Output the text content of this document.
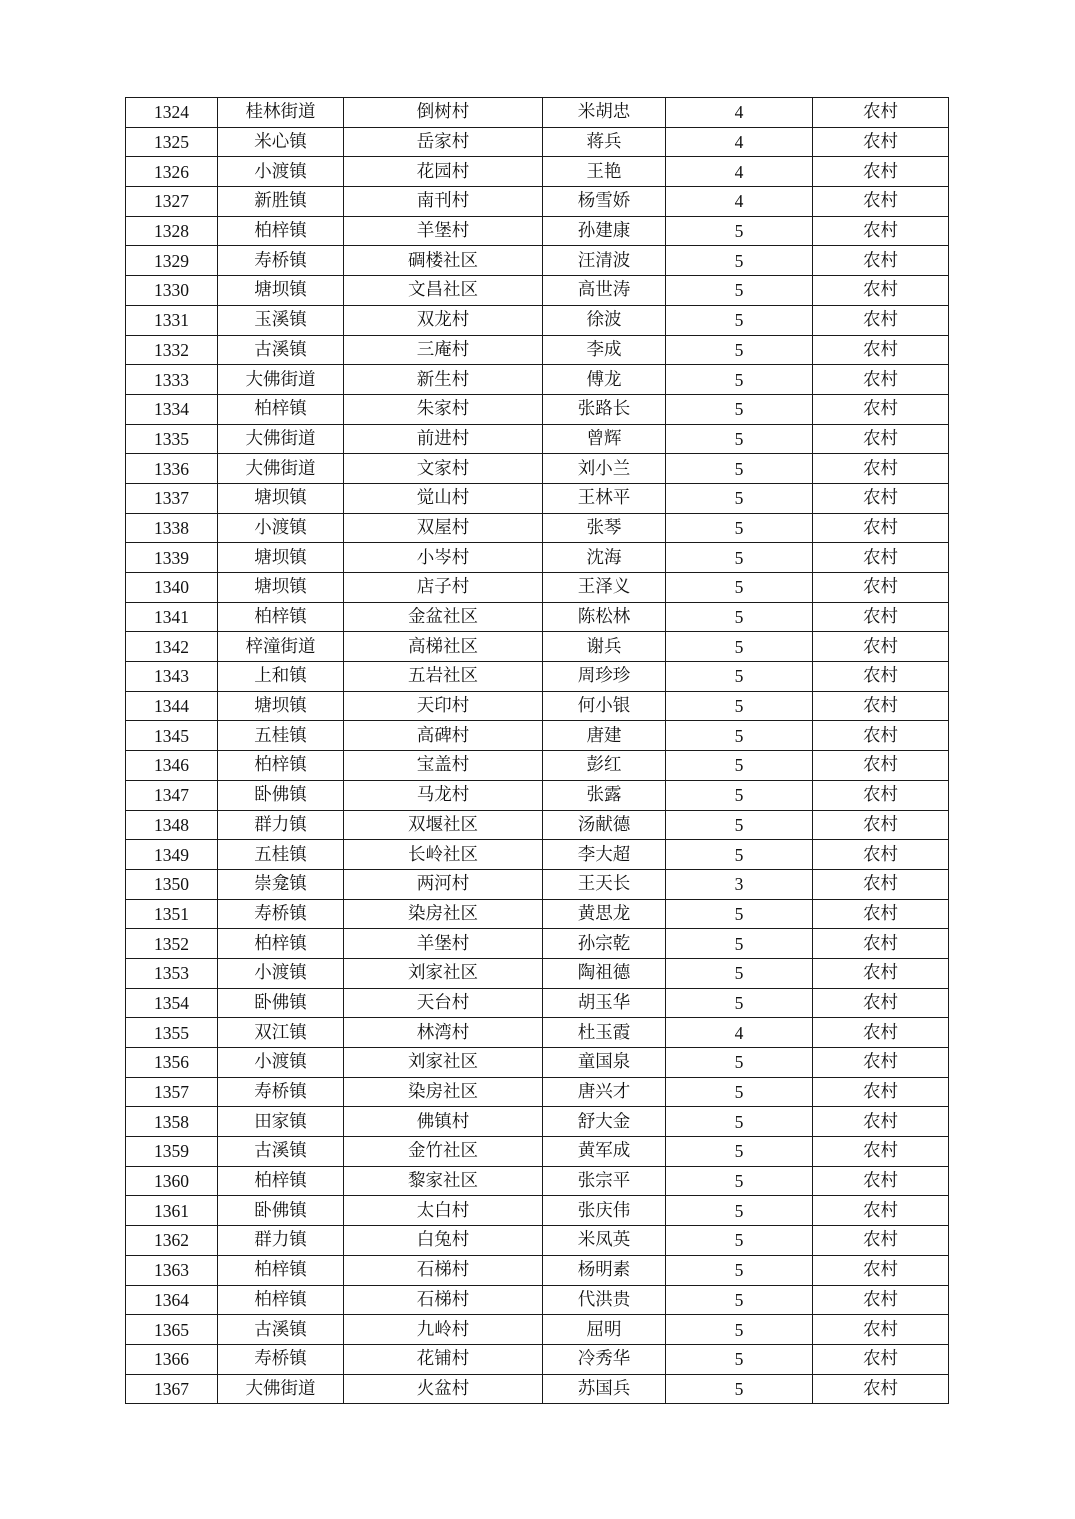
1324	桂林街道	倒树村	米胡忠	4	农村
1325	米心镇	岳家村	蒋兵	4	农村
1326	小渡镇	花园村	王艳	4	农村
1327	新胜镇	南刊村	杨雪娇	4	农村
1328	柏梓镇	羊堡村	孙建康	5	农村
1329	寿桥镇	碉楼社区	汪清波	5	农村
1330	塘坝镇	文昌社区	高世涛	5	农村
1331	玉溪镇	双龙村	徐波	5	农村
1332	古溪镇	三庵村	李成	5	农村
1333	大佛街道	新生村	傅龙	5	农村
1334	柏梓镇	朱家村	张路长	5	农村
1335	大佛街道	前进村	曾辉	5	农村
1336	大佛街道	文家村	刘小兰	5	农村
1337	塘坝镇	觉山村	王林平	5	农村
1338	小渡镇	双屋村	张琴	5	农村
1339	塘坝镇	小岑村	沈海	5	农村
1340	塘坝镇	店子村	王泽义	5	农村
1341	柏梓镇	金盆社区	陈松林	5	农村
1342	梓潼街道	高梯社区	谢兵	5	农村
1343	上和镇	五岩社区	周珍珍	5	农村
1344	塘坝镇	天印村	何小银	5	农村
1345	五桂镇	高碑村	唐建	5	农村
1346	柏梓镇	宝盖村	彭红	5	农村
1347	卧佛镇	马龙村	张露	5	农村
1348	群力镇	双堰社区	汤献德	5	农村
1349	五桂镇	长岭社区	李大超	5	农村
1350	崇龛镇	两河村	王天长	3	农村
1351	寿桥镇	染房社区	黄思龙	5	农村
1352	柏梓镇	羊堡村	孙宗乾	5	农村
1353	小渡镇	刘家社区	陶祖德	5	农村
1354	卧佛镇	天台村	胡玉华	5	农村
1355	双江镇	林湾村	杜玉霞	4	农村
1356	小渡镇	刘家社区	童国泉	5	农村
1357	寿桥镇	染房社区	唐兴才	5	农村
1358	田家镇	佛镇村	舒大金	5	农村
1359	古溪镇	金竹社区	黄军成	5	农村
1360	柏梓镇	黎家社区	张宗平	5	农村
1361	卧佛镇	太白村	张庆伟	5	农村
1362	群力镇	白兔村	米凤英	5	农村
1363	柏梓镇	石梯村	杨明素	5	农村
1364	柏梓镇	石梯村	代洪贵	5	农村
1365	古溪镇	九岭村	屈明	5	农村
1366	寿桥镇	花铺村	冷秀华	5	农村
1367	大佛街道	火盆村	苏国兵	5	农村
